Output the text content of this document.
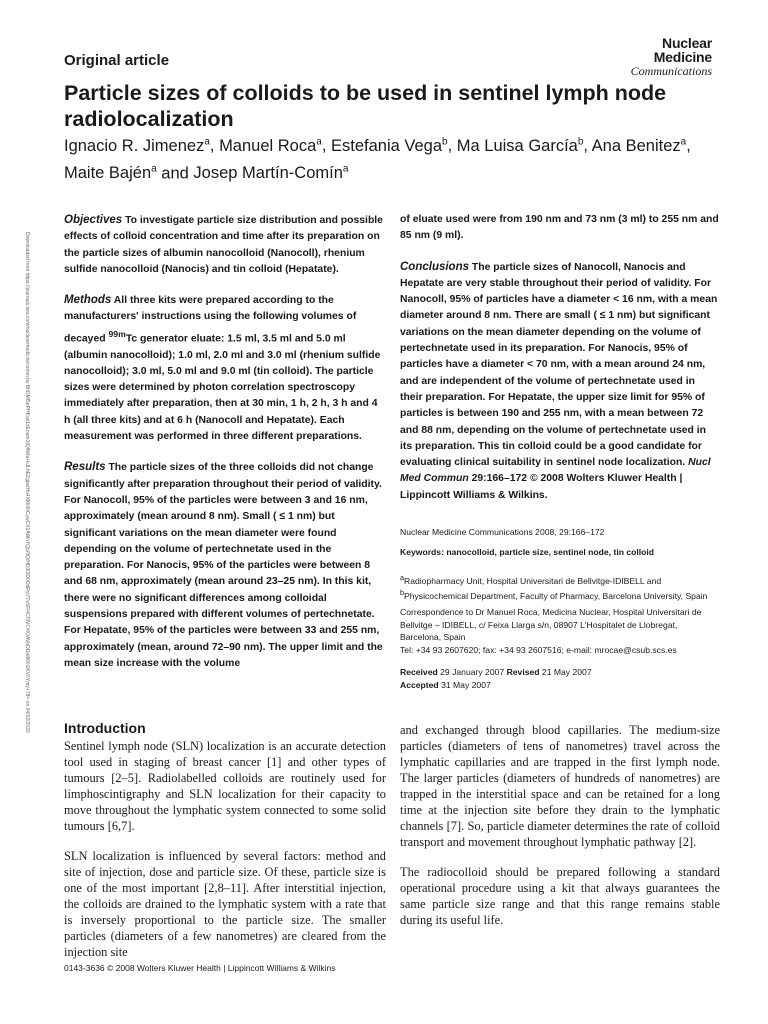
Original article
Nuclear
Medicine
Communications
Particle sizes of colloids to be used in sentinel lymph node radiolocalization
Ignacio R. Jimenez$^a$, Manuel Roca$^a$, Estefania Vega$^b$, Ma Luisa García$^b$, Ana Benitez$^a$, Maite Bajén$^a$ and Josep Martín-Comín$^a$
Downloaded from https://journals.lww.com/nuclearmedicinecomm by BhDMf5ePHKav1zEoum1tQfN4a+kJLhEZgbsIHo4XMi0hCywCX1AWnYQp/IlQrHD3i3D0OdRyi7TvSFl4Cf3VC4/OAVpDDa8KKGKV0Ymy+78= on 04/02/2020

Objectives To investigate particle size distribution and possible effects of colloid concentration and time after its preparation on the particle sizes of albumin nanocolloid (Nanocoll), rhenium sulfide nanocolloid (Nanocis) and tin colloid (Hepatate).

Methods All three kits were prepared according to the manufacturers' instructions using the following volumes of decayed $^{99m}$Tc generator eluate: 1.5 ml, 3.5 ml and 5.0 ml (albumin nanocolloid); 1.0 ml, 2.0 ml and 3.0 ml (rhenium sulfide nanocolloid); 3.0 ml, 5.0 ml and 9.0 ml (tin colloid). The particle sizes were determined by photon correlation spectroscopy immediately after preparation, then at 30 min, 1 h, 2 h, 3 h and 4 h (all three kits) and at 6 h (Nanocoll and Hepatate). Each measurement was performed in three different preparations.

Results The particle sizes of the three colloids did not change significantly after preparation throughout their period of validity. For Nanocoll, 95% of the particles were between 3 and 16 nm, approximately (mean around 8 nm). Small ( ≤ 1 nm) but significant variations on the mean diameter were found depending on the volume of pertechnetate used in the preparation. For Nanocis, 95% of the particles were between 8 and 68 nm, approximately (mean around 23–25 nm). In this kit, there were no significant differences among colloidal suspensions prepared with different volumes of pertechnetate. For Hepatate, 95% of the particles were between 33 and 255 nm, approximately (mean, around 72–90 nm). The upper limit and the mean size increase with the volume

of eluate used were from 190 nm and 73 nm (3 ml) to 255 nm and 85 nm (9 ml).

Conclusions The particle sizes of Nanocoll, Nanocis and Hepatate are very stable throughout their period of validity. For Nanocoll, 95% of particles have a diameter < 16 nm, with a mean diameter around 8 nm. There are small ( ≤ 1 nm) but significant variations on the mean diameter depending on the volume of pertechnetate used in its preparation. For Nanocis, 95% of particles have a diameter < 70 nm, with a mean around 24 nm, and are independent of the volume of pertechnetate used in their preparation. For Hepatate, the upper size limit for 95% of particles is between 190 and 255 nm, with a mean between 72 and 88 nm, depending on the volume of pertechnetate used in its preparation. This tin colloid could be a good candidate for evaluating clinical suitability in sentinel node localization. Nucl Med Commun 29:166–172 © 2008 Wolters Kluwer Health | Lippincott Williams & Wilkins.

Nuclear Medicine Communications 2008, 29:166–172
Keywords: nanocolloid, particle size, sentinel node, tin colloid
$^a$Radiopharmacy Unit, Hospital Universitari de Bellvitge-IDIBELL and
$^b$Physicochemical Department, Faculty of Pharmacy, Barcelona University, Spain
Correspondence to Dr Manuel Roca, Medicina Nuclear, Hospital Universitari de Bellvitge – IDIBELL, c/ Feixa Llarga s/n, 08907 L'Hospitalet de Llobregat, Barcelona, Spain
Tel: +34 93 2607620; fax: +34 93 2607516; e-mail: mrocae@csub.scs.es
Received 29 January 2007 Revised 21 May 2007
Accepted 31 May 2007
Introduction

Sentinel lymph node (SLN) localization is an accurate detection tool used in staging of breast cancer [1] and other types of tumours [2–5]. Radiolabelled colloids are routinely used for limphoscintigraphy and SLN localization for their capacity to move throughout the lymphatic system connected to some solid tumours [6,7].

SLN localization is influenced by several factors: method and site of injection, dose and particle size. Of these, particle size is one of the most important [2,8–11]. After interstitial injection, the colloids are drained to the lymphatic system with a rate that is inversely proportional to the particle size. The smaller particles (diameters of a few nanometres) are cleared from the injection site

and exchanged through blood capillaries. The medium-size particles (diameters of tens of nanometres) travel across the lymphatic capillaries and are trapped in the first lymph node. The larger particles (diameters of hundreds of nanometres) are trapped in the interstitial space and can be retained for a long time at the injection site before they drain to the lymphatic channels [7]. So, particle diameter determines the rate of colloid transport and movement throughout lymphatic pathway [2].

The radiocolloid should be prepared following a standard operational procedure using a kit that always guarantees the same particle size range and that this range remains stable during its useful life.

0143-3636 © 2008 Wolters Kluwer Health | Lippincott Williams & Wilkins
